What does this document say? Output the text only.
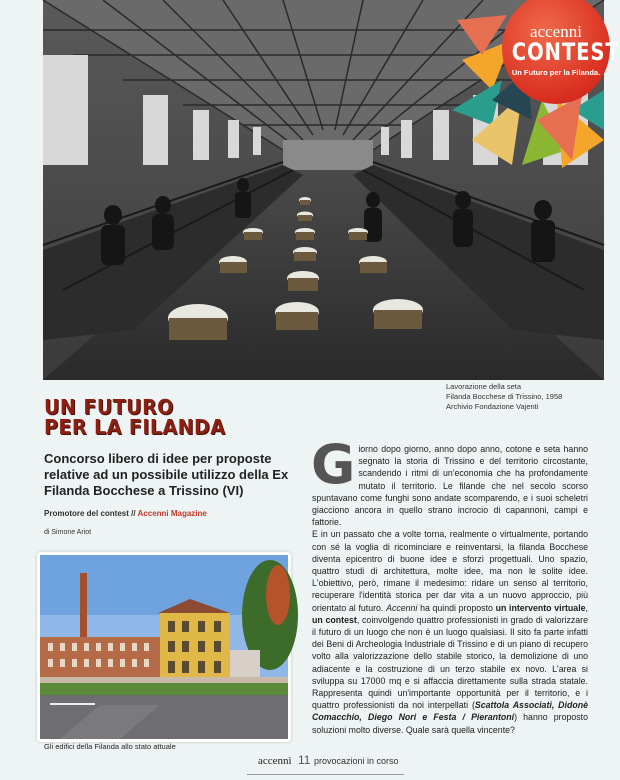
accenni
CONTEST
Un Futuro per la Filanda.
Lavorazione della seta
Filanda Bocchese di Trissino, 1958
Archivio Fondazione Vajenti
UN FUTURO
PER LA FILANDA
Concorso libero di idee per proposte relative ad un possibile utilizzo della Ex Filanda Bocchese a Trissino (VI)
Promotore del contest // Accenni Magazine
di Simone Ariot
Gli edifici della Filanda allo stato attuale

Giorno dopo giorno, anno dopo anno, cotone e seta hanno segnato la storia di Trissino e del territorio circostante, scandendo i ritmi di un'economia che ha profondamente mutato il territorio. Le filande che nel secolo scorso spuntavano come funghi sono andate scomparendo, e i suoi scheletri giacciono ancora in quello strano incrocio di capannoni, campi e fattorie.

E in un passato che a volte torna, realmente o virtualmente, portando con sé la voglia di ricominciare e reinventarsi, la filanda Bocchese diventa epicentro di buone idee e sforzi progettuali. Uno spazio, quattro studi di architettura, molte idee, ma non le solite idee. L'obiettivo, però, rimane il medesimo: ridare un senso al territorio, recuperare l'identità storica per dar vita a un nuovo approccio, più orientato al futuro. Accenni ha quindi proposto un intervento virtuale, un contest, coinvolgendo quattro professionisti in grado di valorizzare il futuro di un luogo che non è un luogo qualsiasi. Il sito fa parte infatti dei Beni di Archeologia Industriale di Trissino e di un piano di recupero volto alla valorizzazione dello stabile storico, la demolizione di uno adiacente e la costruzione di un terzo stabile ex novo. L'area si sviluppa su 17000 mq e si affaccia direttamente sulla strada statale. Rappresenta quindi un'importante opportunità per il territorio, e i quattro professionisti da noi interpellati (Scattola Associati, Didonè Comacchio, Diego Nori e Festa / Pierantoni) hanno proposto soluzioni molto diverse. Quale sarà quella vincente?

accenni 11 provocazioni in corso
